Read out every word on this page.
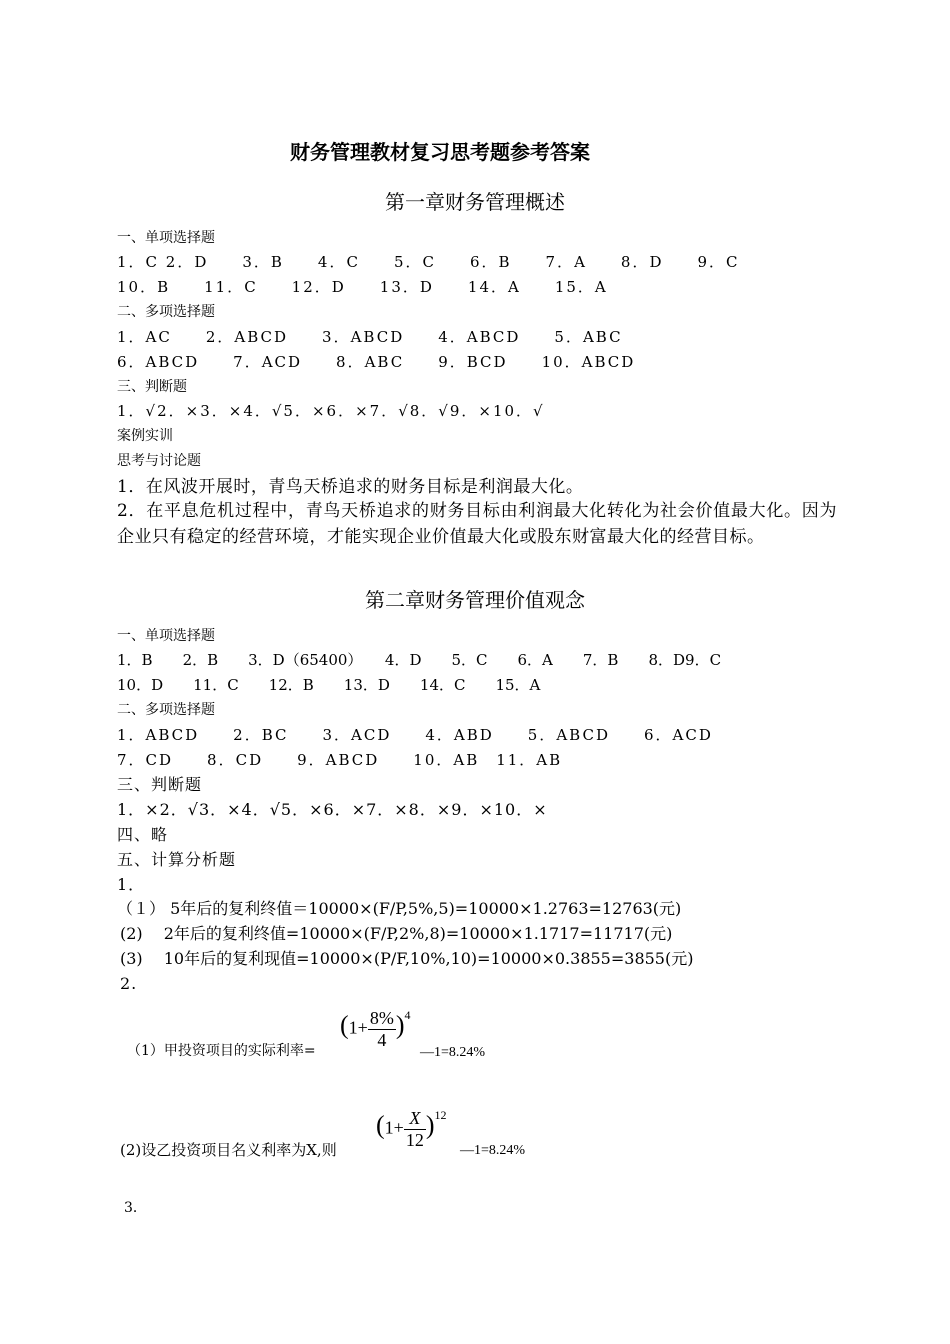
财务管理教材复习思考题参考答案
第一章财务管理概述
一、单项选择题
1．C 2．D　　3．B　　4．C　　5．C　　6．B　　7．A　　8．D　　9．C
10．B　　11．C　　12．D　　13．D　　14．A　　15．A
二、多项选择题
1．AC　　2．ABCD　　3．ABCD　　4．ABCD　　5．ABC
6．ABCD　　7．ACD　　8．ABC　　9．BCD　　10．ABCD
三、判断题
1．√2．×3．×4．√5．×6．×7．√8．√9．×10．√
案例实训
思考与讨论题
1．在风波开展时，青鸟天桥追求的财务目标是利润最大化。
2．在平息危机过程中，青鸟天桥追求的财务目标由利润最大化转化为社会价值最大化。因为企业只有稳定的经营环境，才能实现企业价值最大化或股东财富最大化的经营目标。
第二章财务管理价值观念
一、单项选择题
1．B　　2．B　　3．D（65400）　　4．D　　5．C　　6．A　　7．B　　8．D9．C
10．D　　11．C　　12．B　　13．D　　14．C　　15．A
二、多项选择题
1．ABCD　　2．BC　　3．ACD　　4．ABD　　5．ABCD　　6．ACD
7．CD　　8．CD　　9．ABCD　　10．AB　11．AB
三、判断题
1．×2．√3．×4．√5．×6．×7．×8．×9．×10．×
四、略
五、计算分析题
1．
（１） 5年后的复利终值＝10000×(F/P,5%,5)=10000×1.2763=12763(元)
(2)　 2年后的复利终值=10000×(F/P,2%,8)=10000×1.1717=11717(元)
(3)　 10年后的复利现值=10000×(P/F,10%,10)=10000×0.3855=3855(元)
2.
（1）甲投资项目的实际利率=
$(1+ \frac{8\%}{4} )^4$
—1=8.24%
(2)设乙投资项目名义利率为X,则
$(1+ \frac{X}{12} )^{12}$
—1=8.24%
3．
